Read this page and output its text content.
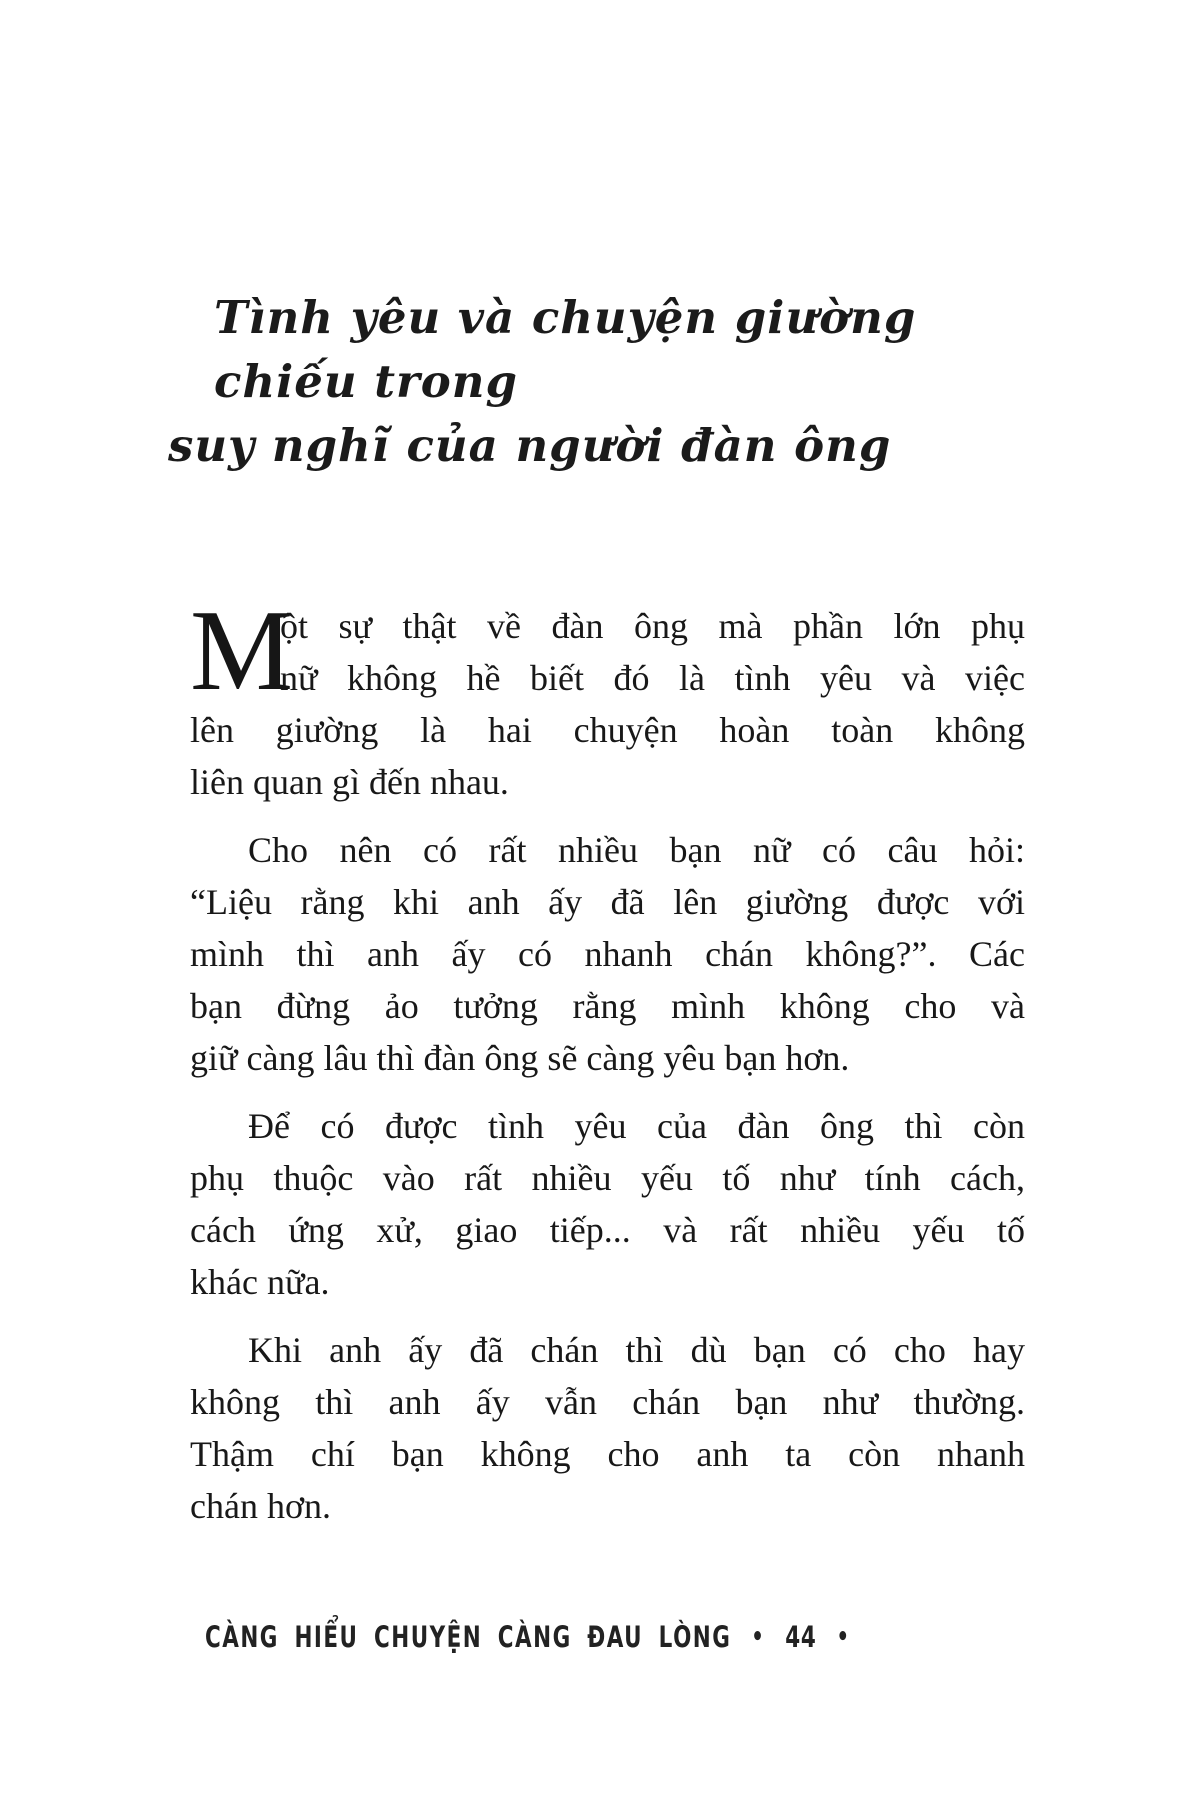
Tình yêu và chuyện giường chiếu trong
suy nghĩ của người đàn ông
M
ột sự thật về đàn ông mà phần lớn phụ
nữ không hề biết đó là tình yêu và việc
lên giường là hai chuyện hoàn toàn không
liên quan gì đến nhau.
Cho nên có rất nhiều bạn nữ có câu hỏi:
“Liệu rằng khi anh ấy đã lên giường được với
mình thì anh ấy có nhanh chán không?”. Các
bạn đừng ảo tưởng rằng mình không cho và
giữ càng lâu thì đàn ông sẽ càng yêu bạn hơn.
Để có được tình yêu của đàn ông thì còn
phụ thuộc vào rất nhiều yếu tố như tính cách,
cách ứng xử, giao tiếp... và rất nhiều yếu tố
khác nữa.
Khi anh ấy đã chán thì dù bạn có cho hay
không thì anh ấy vẫn chán bạn như thường.
Thậm chí bạn không cho anh ta còn nhanh
chán hơn.
CÀNG HIỂU CHUYỆN CÀNG ĐAU LÒNG • 44 •
